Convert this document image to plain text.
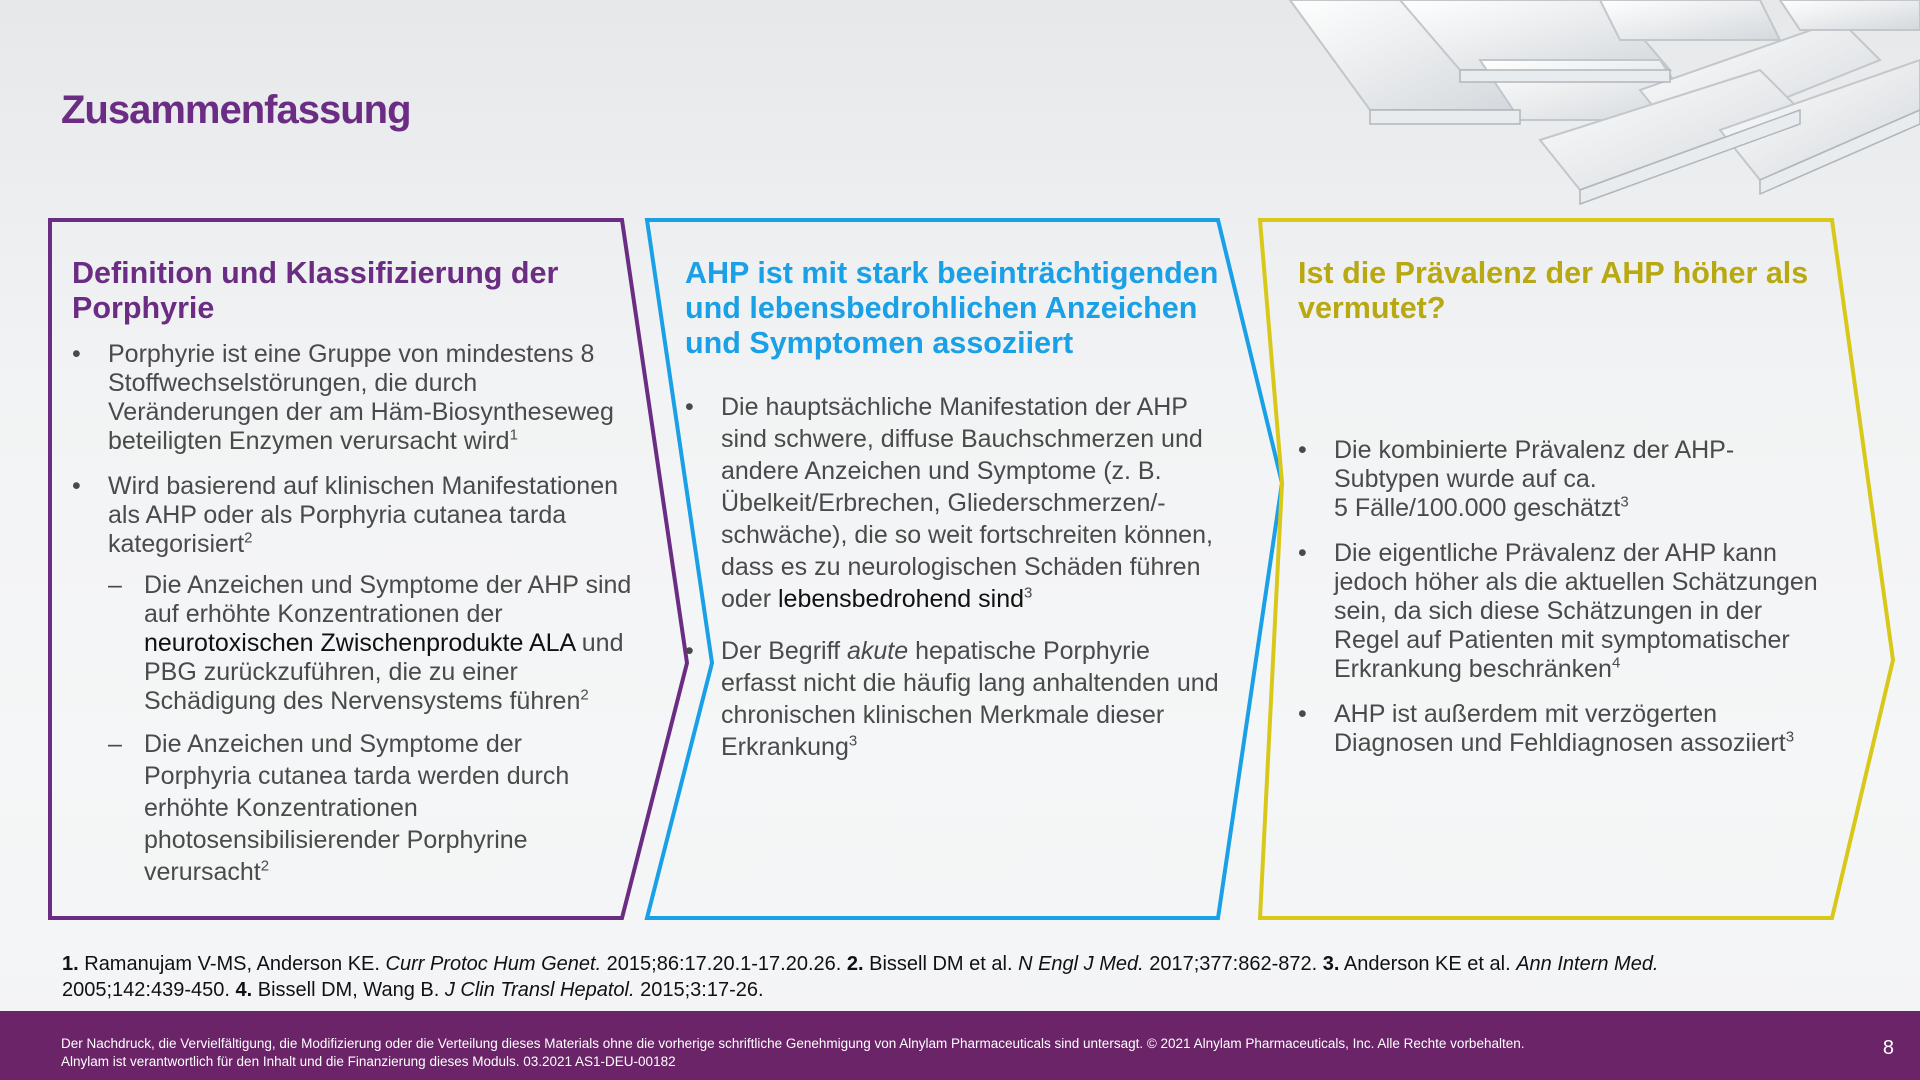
Zusammenfassung
Definition und Klassifizierung der Porphyrie
• Porphyrie ist eine Gruppe von mindestens 8 Stoffwechselstörungen, die durch Veränderungen der am Häm-Biosyntheseweg beteiligten Enzymen verursacht wird$^1$
• Wird basierend auf klinischen Manifestationen als AHP oder als Porphyria cutanea tarda kategorisiert$^2$
– Die Anzeichen und Symptome der AHP sind auf erhöhte Konzentrationen der neurotoxischen Zwischenprodukte ALA und PBG zurückzuführen, die zu einer Schädigung des Nervensystems führen$^2$
– Die Anzeichen und Symptome der Porphyria cutanea tarda werden durch erhöhte Konzentrationen photosensibilisierender Porphyrine verursacht$^2$
AHP ist mit stark beeinträchtigenden und lebensbedrohlichen Anzeichen und Symptomen assoziiert
• Die hauptsächliche Manifestation der AHP sind schwere, diffuse Bauchschmerzen und andere Anzeichen und Symptome (z. B. Übelkeit/Erbrechen, Gliederschmerzen/-schwäche), die so weit fortschreiten können, dass es zu neurologischen Schäden führen oder lebensbedrohend sind$^3$
• Der Begriff akute hepatische Porphyrie erfasst nicht die häufig lang anhaltenden und chronischen klinischen Merkmale dieser Erkrankung$^3$
Ist die Prävalenz der AHP höher als vermutet?
• Die kombinierte Prävalenz der AHP-Subtypen wurde auf ca.
5 Fälle/100.000 geschätzt$^3$
• Die eigentliche Prävalenz der AHP kann jedoch höher als die aktuellen Schätzungen sein, da sich diese Schätzungen in der Regel auf Patienten mit symptomatischer Erkrankung beschränken$^4$
• AHP ist außerdem mit verzögerten Diagnosen und Fehldiagnosen assoziiert$^3$

1. Ramanujam V-MS, Anderson KE. Curr Protoc Hum Genet. 2015;86:17.20.1-17.20.26. 2. Bissell DM et al. N Engl J Med. 2017;377:862-872. 3. Anderson KE et al. Ann Intern Med. 2005;142:439-450. 4. Bissell DM, Wang B. J Clin Transl Hepatol. 2015;3:17-26.

Der Nachdruck, die Vervielfältigung, die Modifizierung oder die Verteilung dieses Materials ohne die vorherige schriftliche Genehmigung von Alnylam Pharmaceuticals sind untersagt. © 2021 Alnylam Pharmaceuticals, Inc. Alle Rechte vorbehalten.

Alnylam ist verantwortlich für den Inhalt und die Finanzierung dieses Moduls. 03.2021 AS1-DEU-00182

8
